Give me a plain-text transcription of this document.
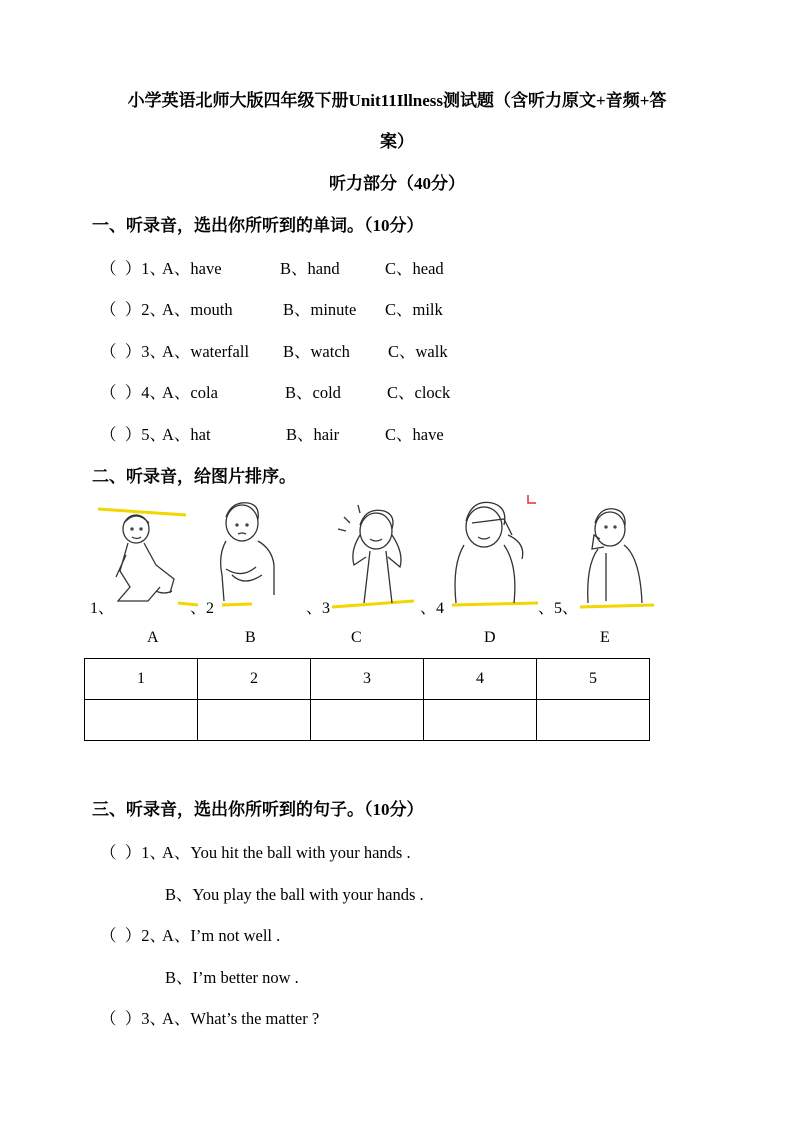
小学英语北师大版四年级下册Unit11Illness测试题（含听力原文+音频+答
案）
听力部分（40分）
一、听录音，选出你所听到的单词。（10分）
（  ）1、
A、have	B、hand	C、head
（  ）2、
A、mouth	B、minute C、milk
（  ）3、
A、waterfall B、watch C、walk
（  ）4、
A、cola	B、cold	C、clock
（  ）5、
A、hat	B、hair	C、have
二、听录音，给图片排序。
1、	、2	、3	、4	、5、
A	B	C	D	E
1	2	3	4	5

三、听录音，选出你所听到的句子。（10分）
（  ）1、
A、You hit the ball with your hands .
B、You play the ball with your hands .
（  ）2、
A、I’m not well .
B、I’m better now .
（  ）3、
A、What’s the matter ?
